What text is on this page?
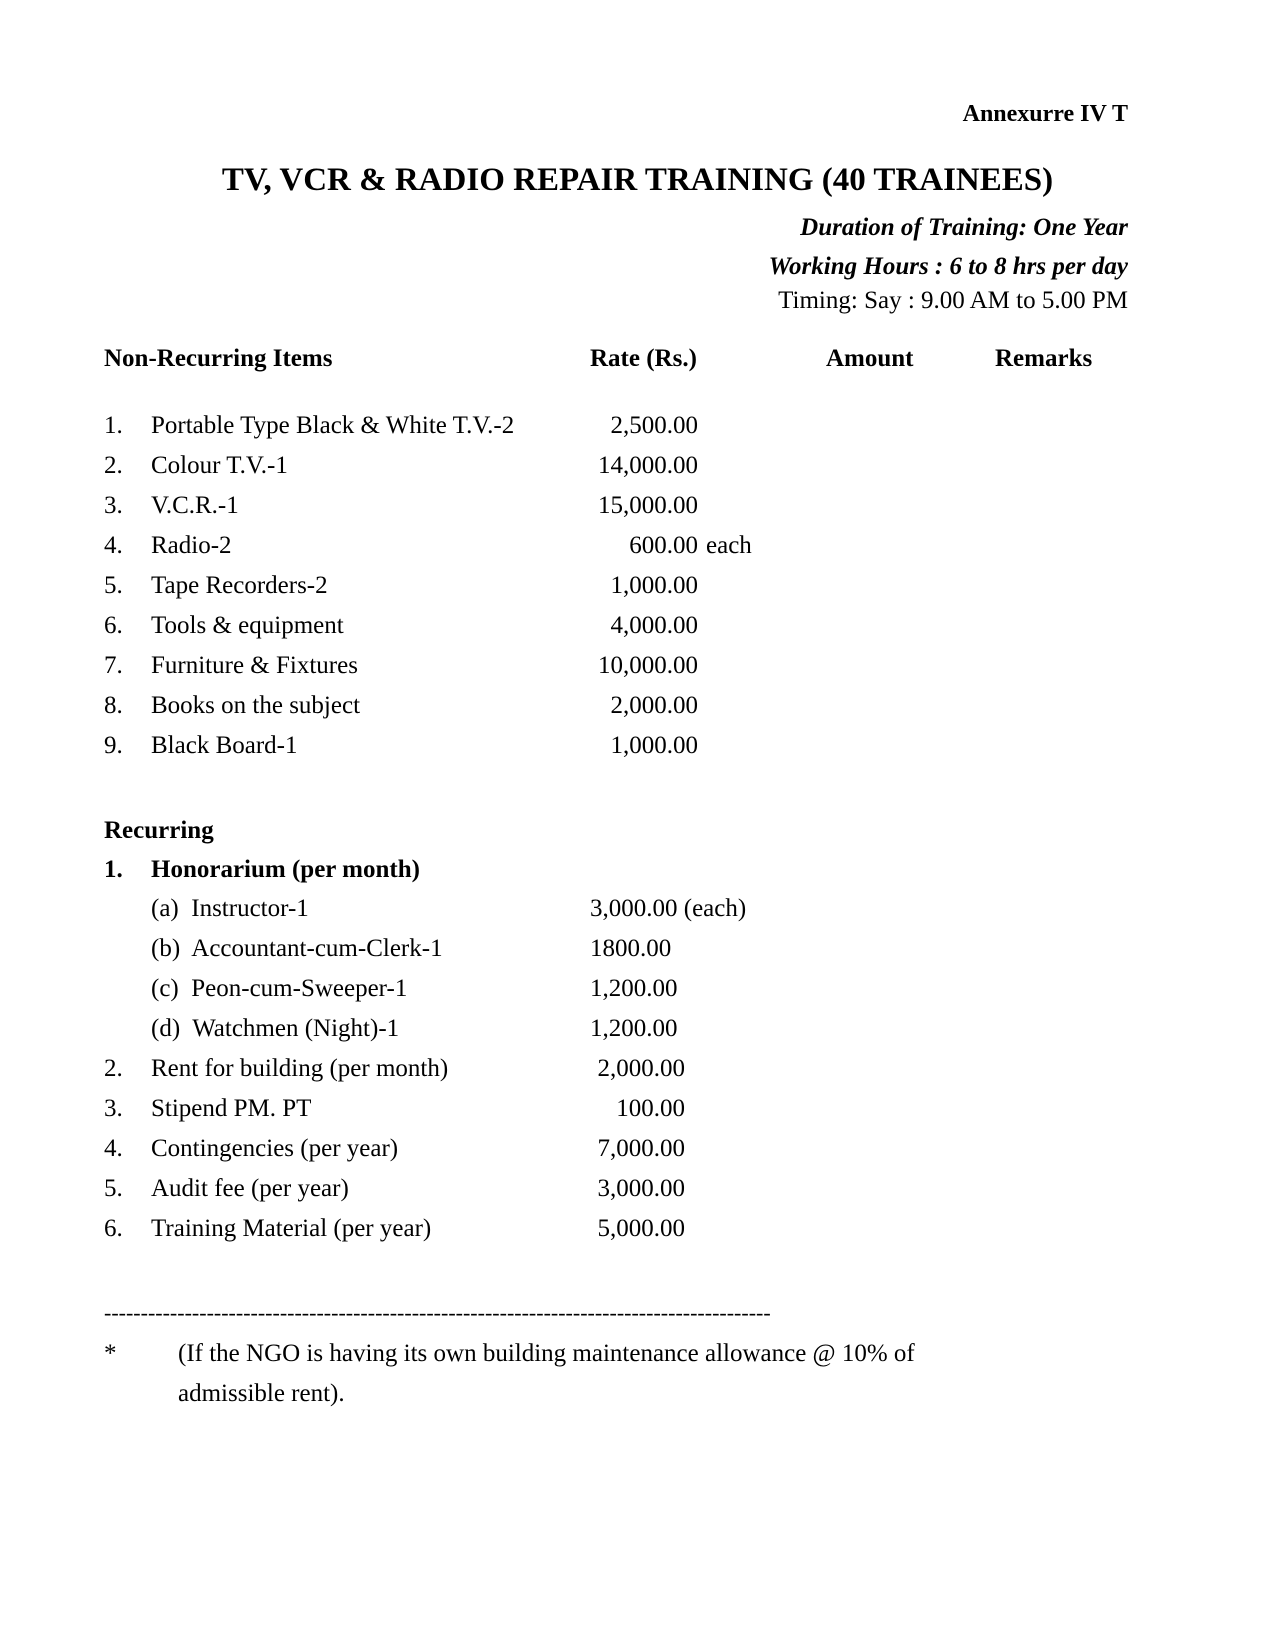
Annexurre IV T
TV, VCR & RADIO REPAIR TRAINING (40 TRAINEES)
Duration of Training: One Year
Working Hours : 6 to 8 hrs per day
Timing: Say : 9.00 AM to 5.00 PM
Non-Recurring Items	Rate (Rs.)	Amount	Remarks
1. Portable Type Black & White T.V.-2	2,500.00
2. Colour T.V.-1	14,000.00
3. V.C.R.-1	15,000.00
4. Radio-2	600.00 each
5. Tape Recorders-2	1,000.00
6. Tools & equipment	4,000.00
7. Furniture & Fixtures	10,000.00
8. Books on the subject	2,000.00
9. Black Board-1	1,000.00
Recurring
1. Honorarium (per month)
(a)  Instructor-1	3,000.00 (each)
(b)  Accountant-cum-Clerk-1	1800.00
(c)  Peon-cum-Sweeper-1	1,200.00
(d)  Watchmen (Night)-1	1,200.00
2. Rent for building (per month)	2,000.00
3. Stipend PM. PT	100.00
4. Contingencies (per year)	7,000.00
5. Audit fee (per year)	3,000.00
6. Training Material (per year)	5,000.00
-------------------------------------------------------------------------------------------
* (If the NGO is having its own building maintenance allowance @ 10% of
admissible rent).
